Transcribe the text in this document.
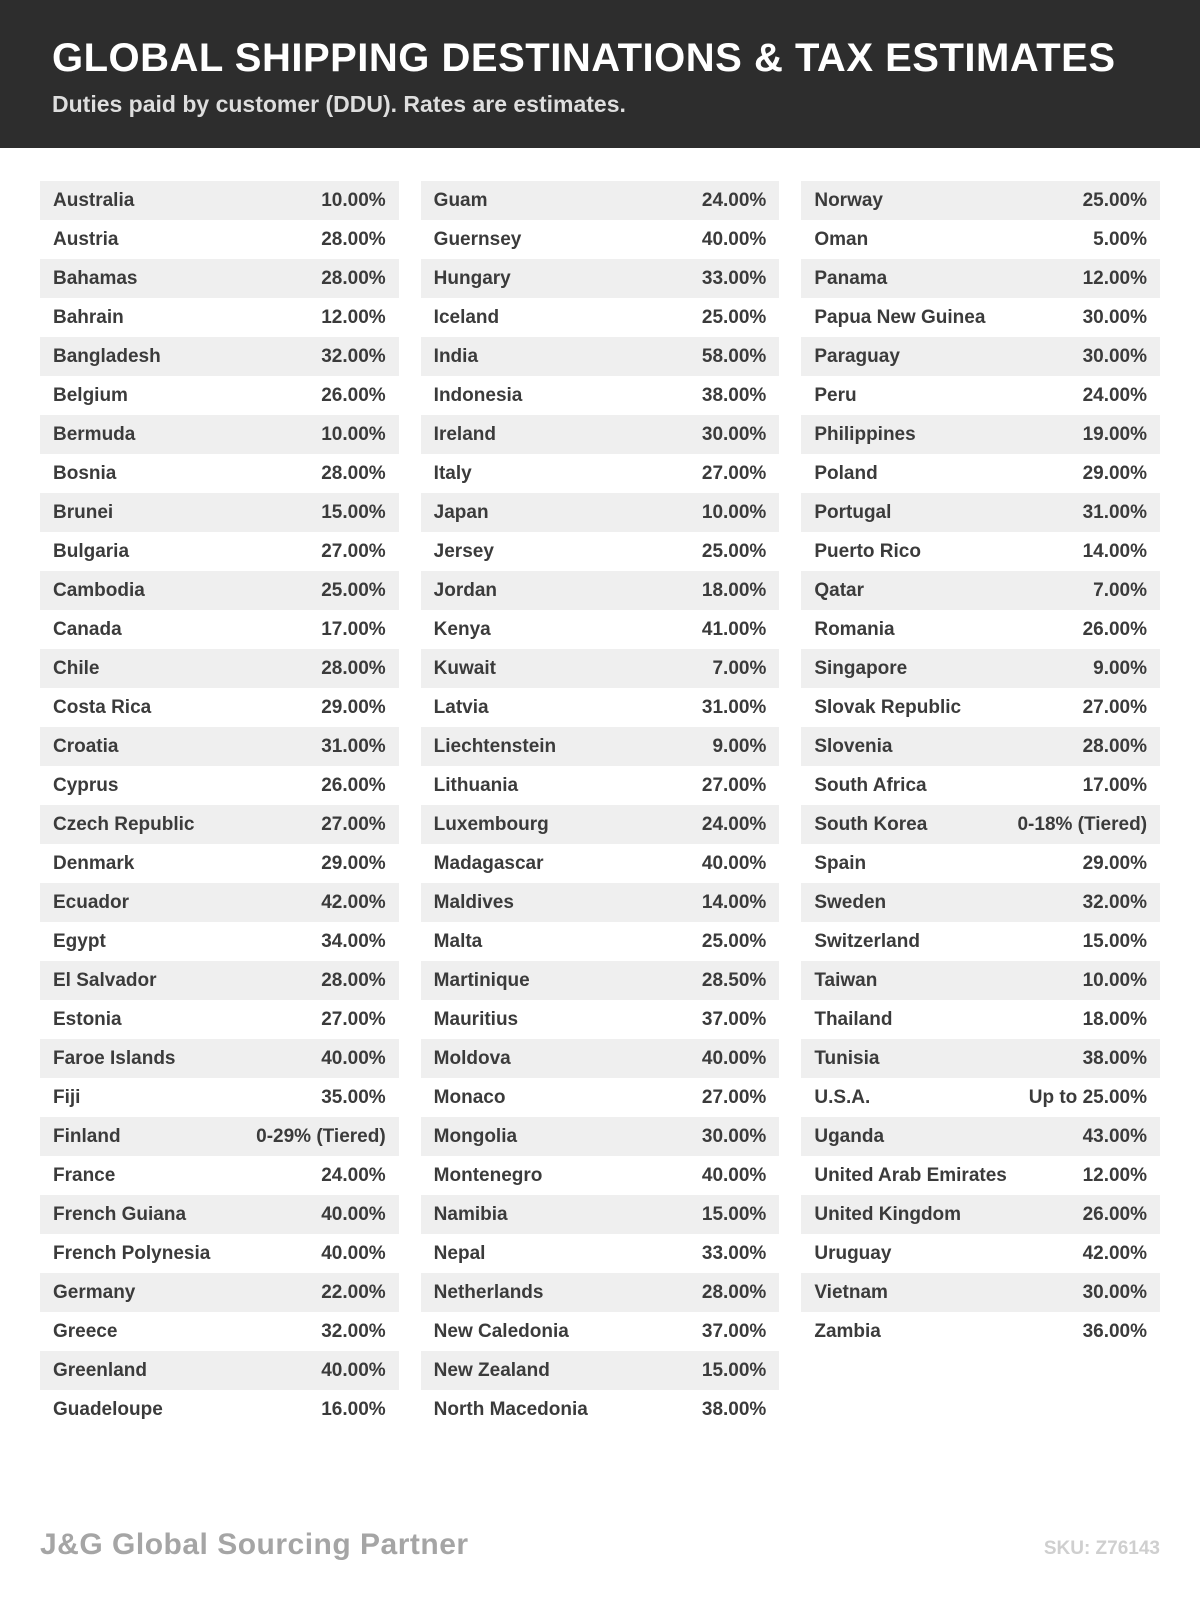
GLOBAL SHIPPING DESTINATIONS & TAX ESTIMATES
Duties paid by customer (DDU). Rates are estimates.
Australia	10.00%
Austria	28.00%
Bahamas	28.00%
Bahrain	12.00%
Bangladesh	32.00%
Belgium	26.00%
Bermuda	10.00%
Bosnia	28.00%
Brunei	15.00%
Bulgaria	27.00%
Cambodia	25.00%
Canada	17.00%
Chile	28.00%
Costa Rica	29.00%
Croatia	31.00%
Cyprus	26.00%
Czech Republic	27.00%
Denmark	29.00%
Ecuador	42.00%
Egypt	34.00%
El Salvador	28.00%
Estonia	27.00%
Faroe Islands	40.00%
Fiji	35.00%
Finland	0-29% (Tiered)
France	24.00%
French Guiana	40.00%
French Polynesia	40.00%
Germany	22.00%
Greece	32.00%
Greenland	40.00%
Guadeloupe	16.00%
Guam	24.00%
Guernsey	40.00%
Hungary	33.00%
Iceland	25.00%
India	58.00%
Indonesia	38.00%
Ireland	30.00%
Italy	27.00%
Japan	10.00%
Jersey	25.00%
Jordan	18.00%
Kenya	41.00%
Kuwait	7.00%
Latvia	31.00%
Liechtenstein	9.00%
Lithuania	27.00%
Luxembourg	24.00%
Madagascar	40.00%
Maldives	14.00%
Malta	25.00%
Martinique	28.50%
Mauritius	37.00%
Moldova	40.00%
Monaco	27.00%
Mongolia	30.00%
Montenegro	40.00%
Namibia	15.00%
Nepal	33.00%
Netherlands	28.00%
New Caledonia	37.00%
New Zealand	15.00%
North Macedonia	38.00%
Norway	25.00%
Oman	5.00%
Panama	12.00%
Papua New Guinea	30.00%
Paraguay	30.00%
Peru	24.00%
Philippines	19.00%
Poland	29.00%
Portugal	31.00%
Puerto Rico	14.00%
Qatar	7.00%
Romania	26.00%
Singapore	9.00%
Slovak Republic	27.00%
Slovenia	28.00%
South Africa	17.00%
South Korea	0-18% (Tiered)
Spain	29.00%
Sweden	32.00%
Switzerland	15.00%
Taiwan	10.00%
Thailand	18.00%
Tunisia	38.00%
U.S.A.	Up to 25.00%
Uganda	43.00%
United Arab Emirates	12.00%
United Kingdom	26.00%
Uruguay	42.00%
Vietnam	30.00%
Zambia	36.00%
J&G Global Sourcing Partner	SKU: Z76143
